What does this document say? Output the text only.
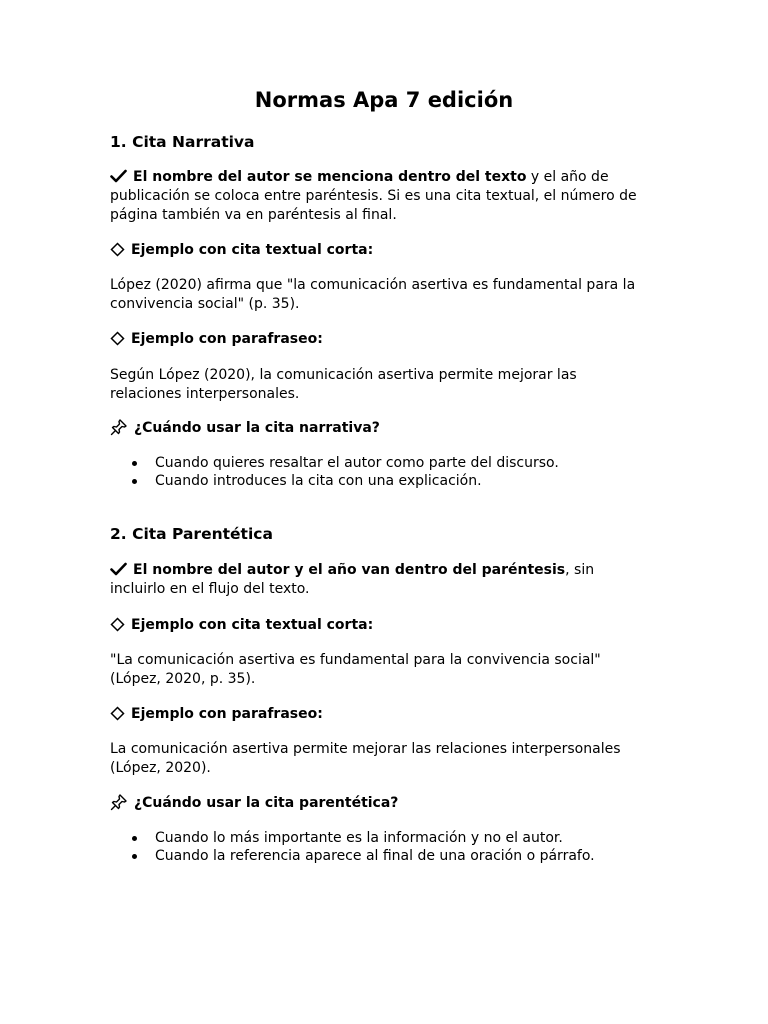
Normas Apa 7 edición
1. Cita Narrativa

El nombre del autor se menciona dentro del texto y el año de publicación se coloca entre paréntesis. Si es una cita textual, el número de página también va en paréntesis al final.

Ejemplo con cita textual corta:

López (2020) afirma que "la comunicación asertiva es fundamental para la convivencia social" (p. 35).

Ejemplo con parafraseo:

Según López (2020), la comunicación asertiva permite mejorar las relaciones interpersonales.

¿Cuándo usar la cita narrativa?
Cuando quieres resaltar el autor como parte del discurso.
Cuando introduces la cita con una explicación.
2. Cita Parentética

El nombre del autor y el año van dentro del paréntesis, sin incluirlo en el flujo del texto.

Ejemplo con cita textual corta:

"La comunicación asertiva es fundamental para la convivencia social" (López, 2020, p. 35).

Ejemplo con parafraseo:

La comunicación asertiva permite mejorar las relaciones interpersonales (López, 2020).

¿Cuándo usar la cita parentética?
Cuando lo más importante es la información y no el autor.
Cuando la referencia aparece al final de una oración o párrafo.
